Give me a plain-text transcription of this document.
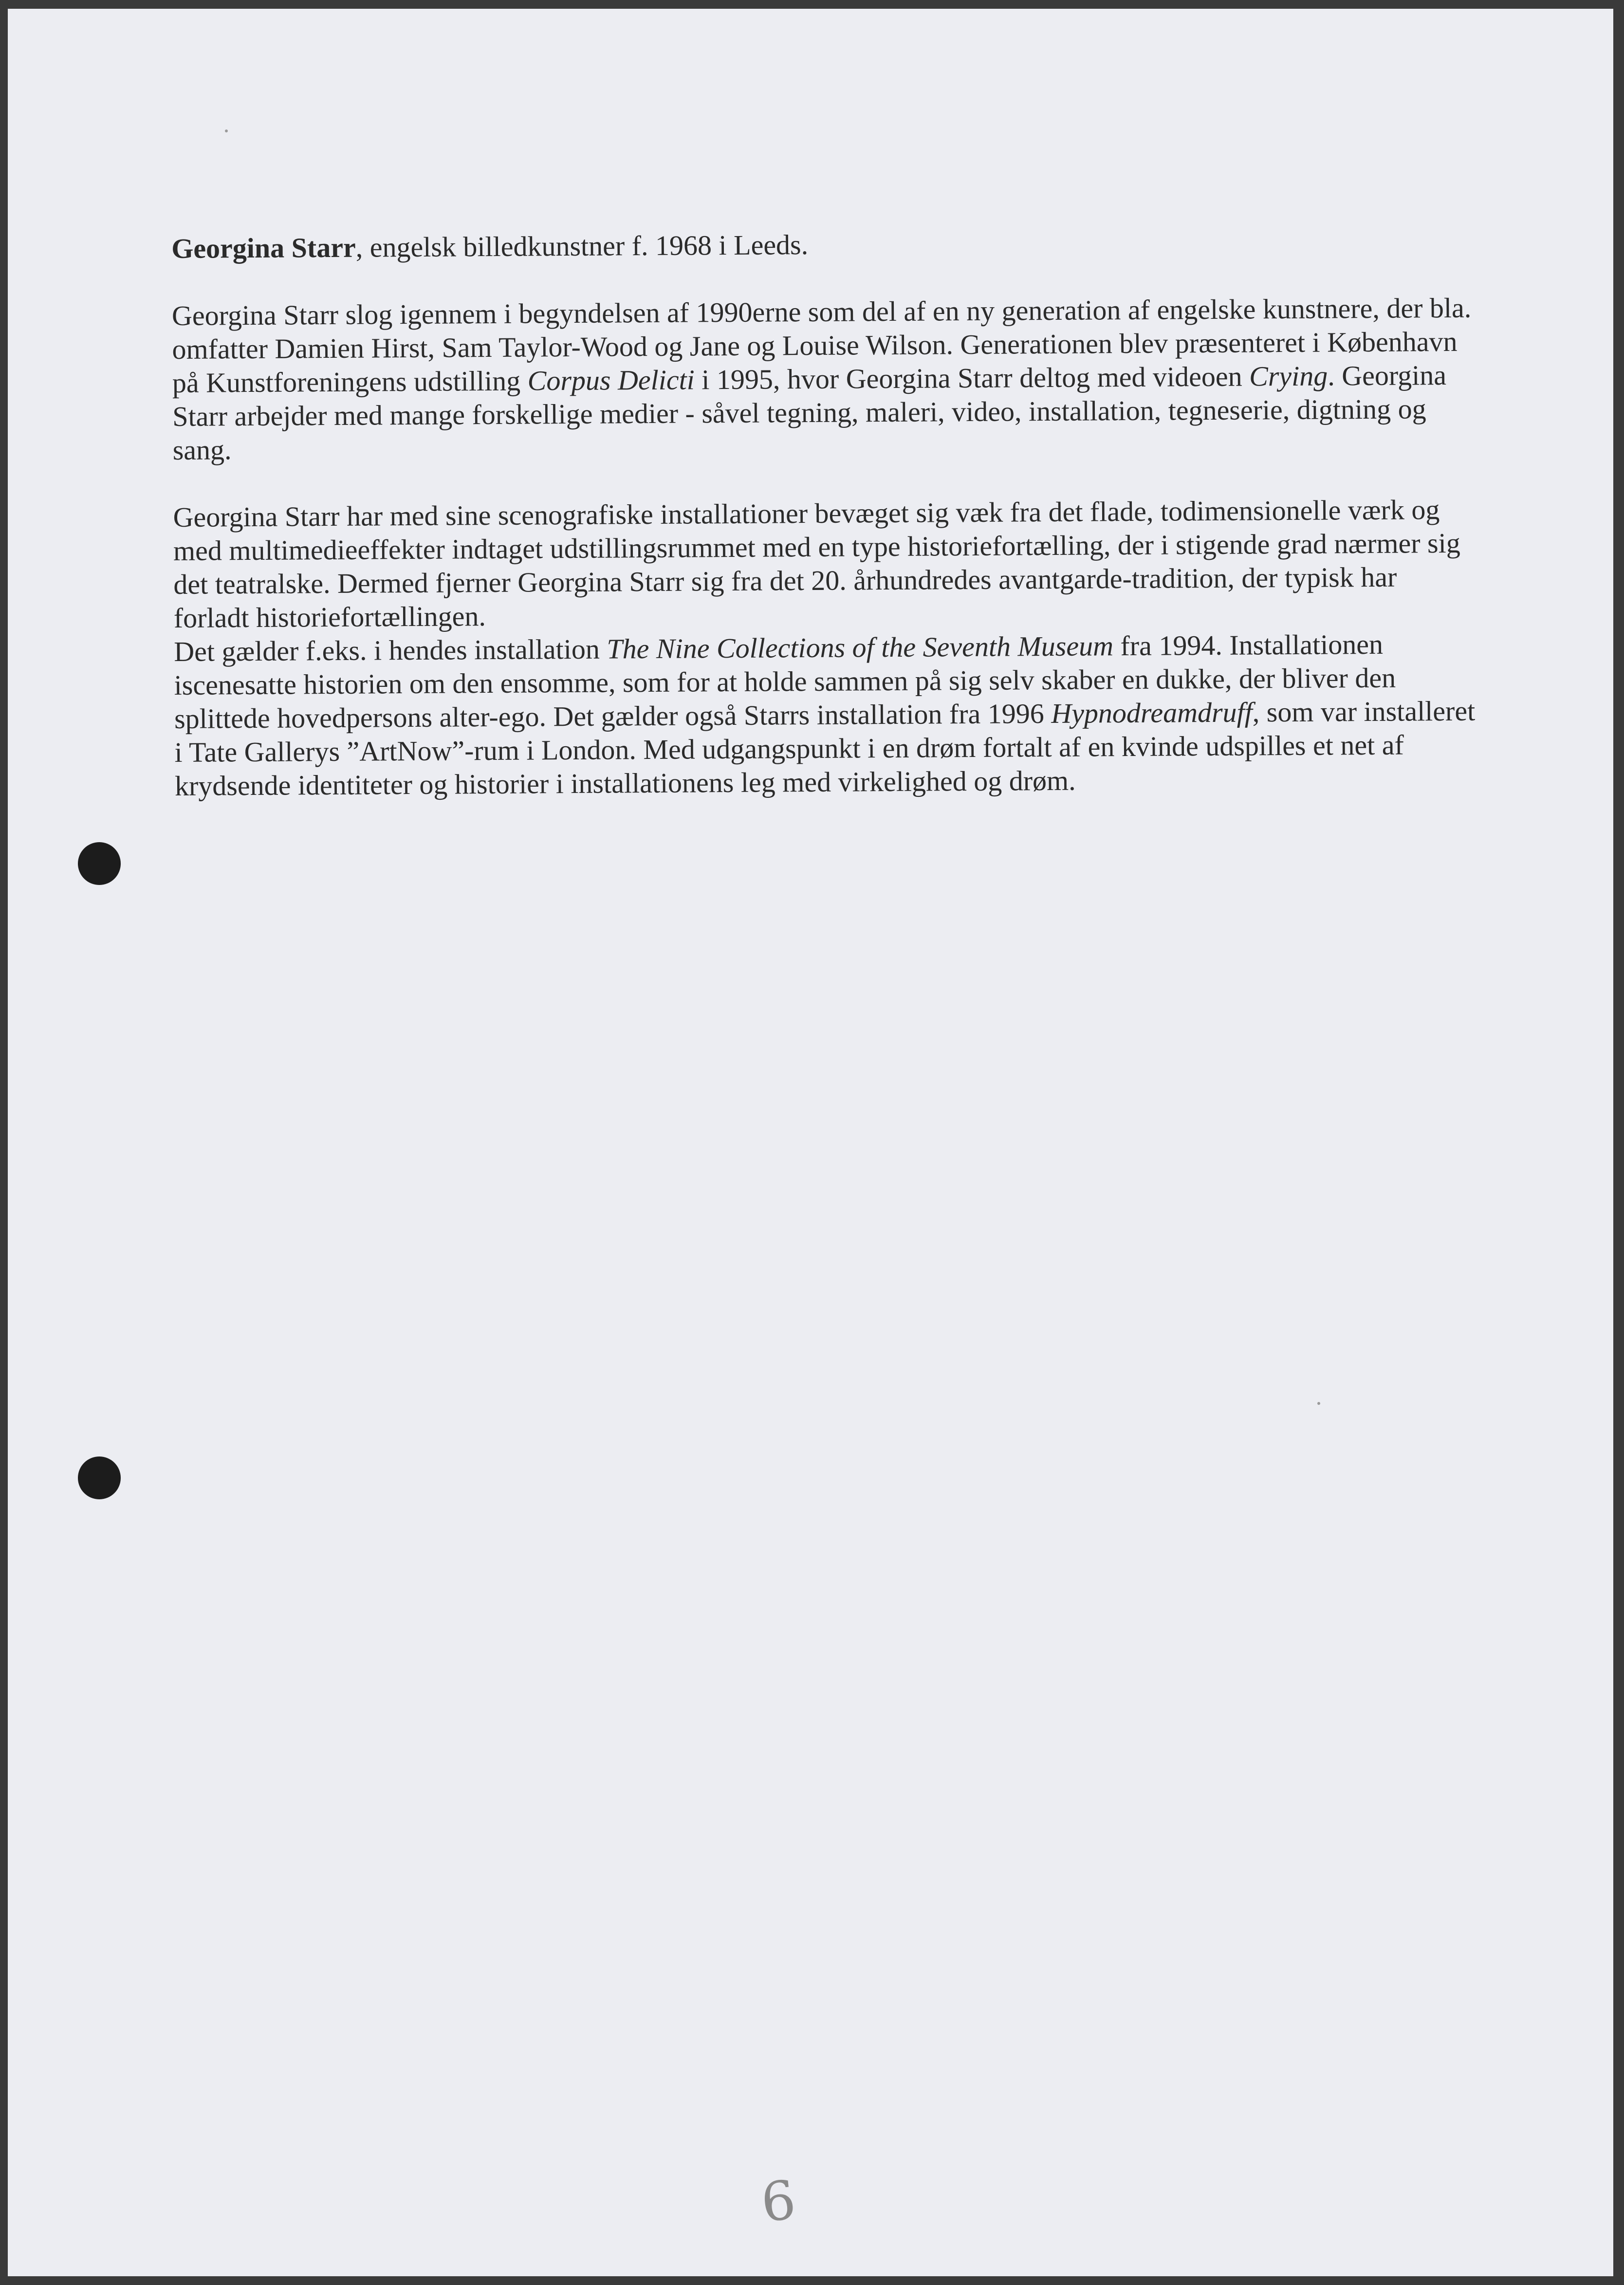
Georgina Starr, engelsk billedkunstner f. 1968 i Leeds.

Georgina Starr slog igennem i begyndelsen af 1990erne som del af en ny generation af engelske kunstnere, der bla. omfatter Damien Hirst, Sam Taylor-Wood og Jane og Louise Wilson. Generationen blev præsenteret i København på Kunstforeningens udstilling Corpus Delicti i 1995, hvor Georgina Starr deltog med videoen Crying. Georgina Starr arbejder med mange forskellige medier - såvel tegning, maleri, video, installation, tegneserie, digtning og sang.

Georgina Starr har med sine scenografiske installationer bevæget sig væk fra det flade, todimensionelle værk og med multimedieeffekter indtaget udstillingsrummet med en type historiefortælling, der i stigende grad nærmer sig det teatralske. Dermed fjerner Georgina Starr sig fra det 20. århundredes avantgarde-tradition, der typisk har forladt historiefortællingen.
Det gælder f.eks. i hendes installation The Nine Collections of the Seventh Museum fra 1994. Installationen iscenesatte historien om den ensomme, som for at holde sammen på sig selv skaber en dukke, der bliver den splittede hovedpersons alter-ego. Det gælder også Starrs installation fra 1996 Hypnodreamdruff, som var installeret i Tate Gallerys ”ArtNow”-rum i London. Med udgangspunkt i en drøm fortalt af en kvinde udspilles et net af krydsende identiteter og historier i installationens leg med virkelighed og drøm.

6
